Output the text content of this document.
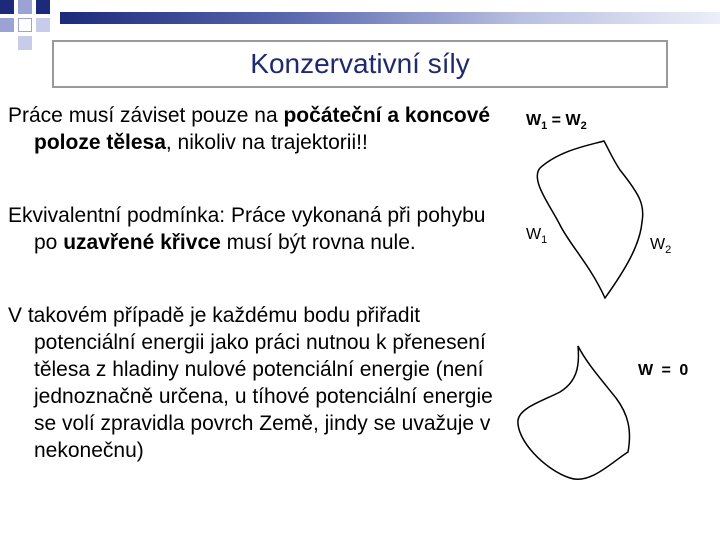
Konzervativní síly

Práce musí záviset pouze na počáteční a koncové poloze tělesa, nikoliv na trajektorii!!

Ekvivalentní podmínka: Práce vykonaná při pohybu po uzavřené křivce musí být rovna nule.

V takovém případě je každému bodu přiřadit potenciální energii jako práci nutnou k přenesení tělesa z hladiny nulové potenciální energie (není jednoznačně určena, u tíhové potenciální energie se volí zpravidla povrch Země, jindy se uvažuje v nekonečnu)

$W_1 = W_2$
$W_1$	$W_2$
W = 0
